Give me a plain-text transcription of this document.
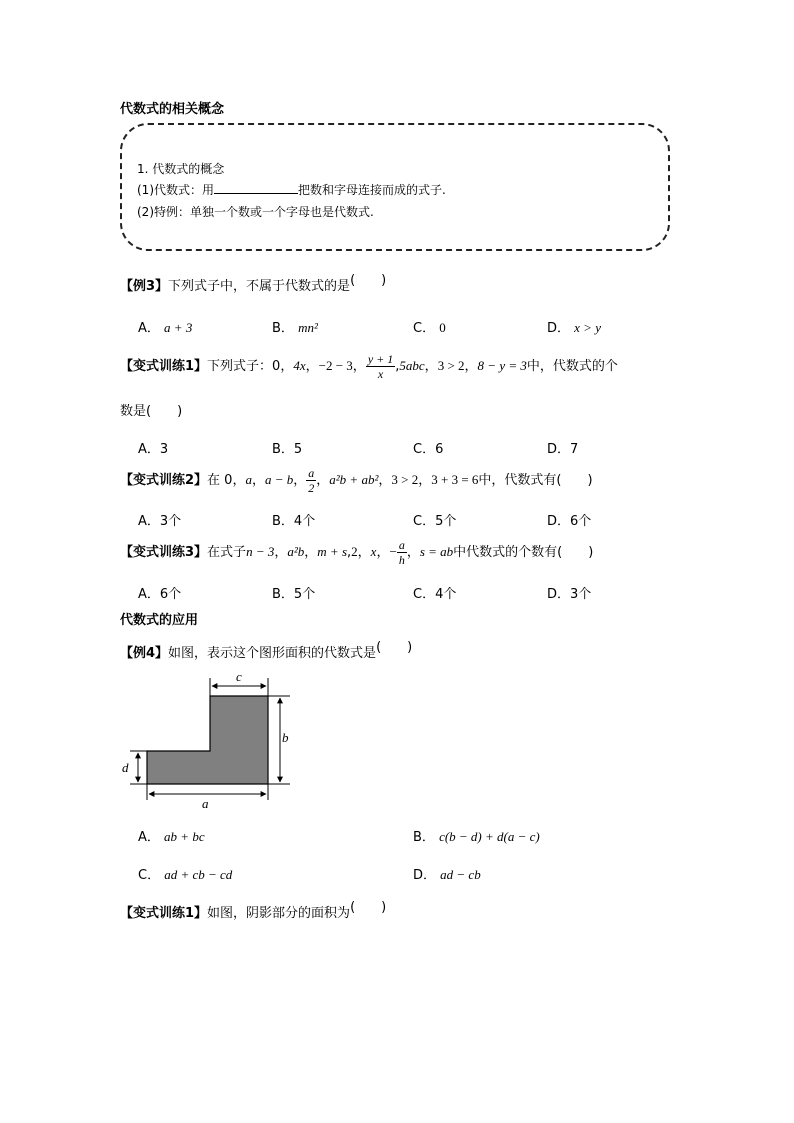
代数式的相关概念
1. 代数式的概念
(1)代数式：用	把数和字母连接而成的式子.
(2)特例：单独一个数或一个字母也是代数式.
【例3】下列式子中，不属于代数式的是(　　)
A． a + 3	B． mn²	C． 0	D． x > y
【变式训练1】下列式子：0，4x，−2 − 3， $\frac{y + 1}{x} ,5abc$，3 > 2，8 − y = 3中，代数式的个
数是(　　)
A．3	B．5	C．6	D．7
【变式训练2】在 0，a，a − b， $\frac{a}{2}$ ，a²b + ab²，3 > 2，3 + 3 = 6中，代数式有(　　)
A．3个	B．4个	C．5个	D．6个
【变式训练3】在式子n − 3，a²b，m + s,2，x，− $\frac{a}{h}$ ，s = ab中代数式的个数有(　　)
A．6个	B．5个	C．4个	D．3个
代数式的应用
【例4】如图，表示这个图形面积的代数式是(　　)
c
b
d
a
A． ab + bc	B． c(b − d) + d(a − c)
C． ad + cb − cd	D． ad − cb
【变式训练1】如图，阴影部分的面积为(　　)
